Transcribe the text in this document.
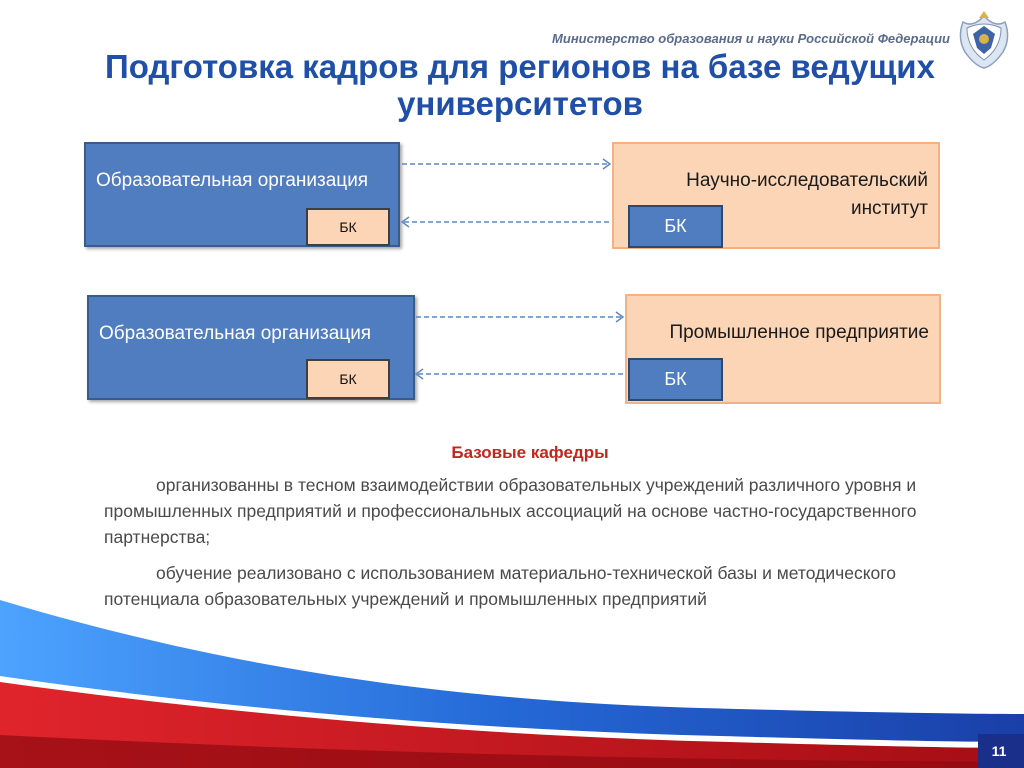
Министерство образования и науки Российской Федерации
Подготовка кадров для регионов на базе ведущих университетов
Образовательная организация
БК
Научно-исследовательский институт
БК
Образовательная организация
БК
Промышленное предприятие
БК
Базовые кафедры

организованны в тесном взаимодействии образовательных учреждений различного уровня и промышленных предприятий и профессиональных ассоциаций на основе частно-государственного партнерства;

обучение реализовано с использованием материально-технической базы и методического потенциала образовательных учреждений и промышленных предприятий

11
